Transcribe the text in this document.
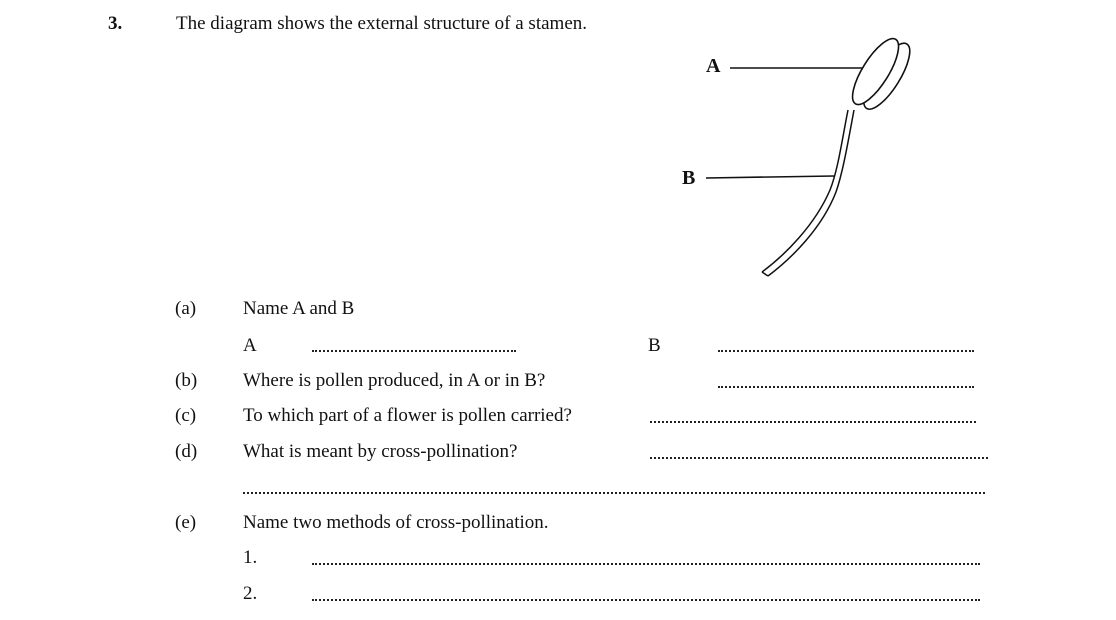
3.	The diagram shows the external structure of a stamen.
A
B
(a) Name A and B
A	B
(b) Where is pollen produced, in A or in B?
(c) To which part of a flower is pollen carried?
(d) What is meant by cross-pollination?
(e) Name two methods of cross-pollination.
1.
2.
